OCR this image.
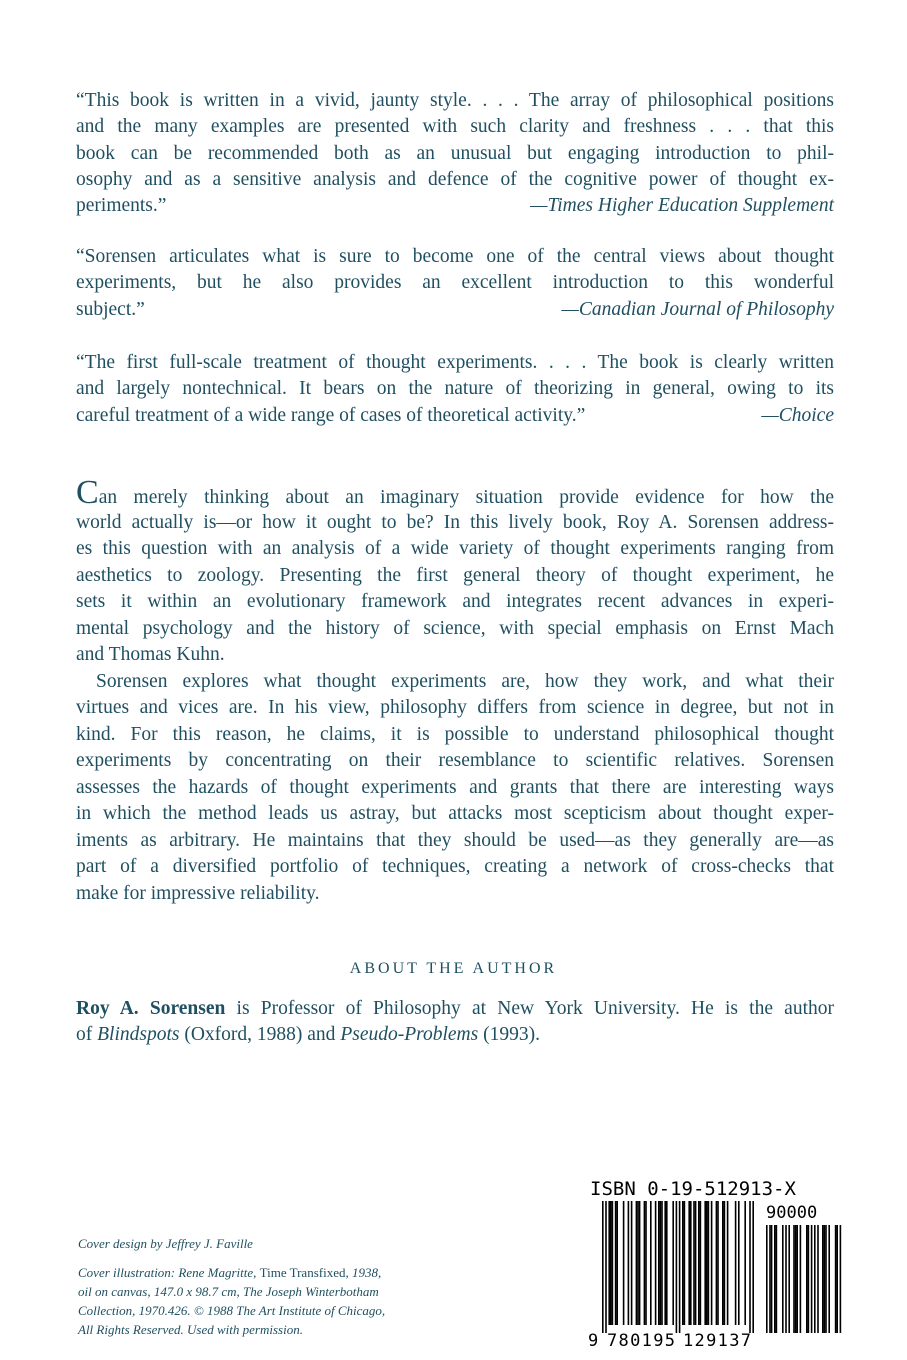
“This book is written in a vivid, jaunty style. . . . The array of philosophical positions
and the many examples are presented with such clarity and freshness . . . that this
book can be recommended both as an unusual but engaging introduction to phil-
osophy and as a sensitive analysis and defence of the cognitive power of thought ex-
periments.”	—Times Higher Education Supplement
“Sorensen articulates what is sure to become one of the central views about thought
experiments, but he also provides an excellent introduction to this wonderful
subject.”	—Canadian Journal of Philosophy
“The first full-scale treatment of thought experiments. . . . The book is clearly written
and largely nontechnical. It bears on the nature of theorizing in general, owing to its
careful treatment of a wide range of cases of theoretical activity.”	—Choice
Can merely thinking about an imaginary situation provide evidence for how the
world actually is—or how it ought to be? In this lively book, Roy A. Sorensen address-
es this question with an analysis of a wide variety of thought experiments ranging from
aesthetics to zoology. Presenting the first general theory of thought experiment, he
sets it within an evolutionary framework and integrates recent advances in experi-
mental psychology and the history of science, with special emphasis on Ernst Mach
and Thomas Kuhn.
Sorensen explores what thought experiments are, how they work, and what their
virtues and vices are. In his view, philosophy differs from science in degree, but not in
kind. For this reason, he claims, it is possible to understand philosophical thought
experiments by concentrating on their resemblance to scientific relatives. Sorensen
assesses the hazards of thought experiments and grants that there are interesting ways
in which the method leads us astray, but attacks most scepticism about thought exper-
iments as arbitrary. He maintains that they should be used—as they generally are—as
part of a diversified portfolio of techniques, creating a network of cross-checks that
make for impressive reliability.
ABOUT THE AUTHOR
Roy A. Sorensen is Professor of Philosophy at New York University. He is the author
of Blindspots (Oxford, 1988) and Pseudo-Problems (1993).
Cover design by Jeffrey J. Faville
Cover illustration: Rene Magritte, Time Transfixed, 1938,
oil on canvas, 147.0 x 98.7 cm, The Joseph Winterbotham
Collection, 1970.426. © 1988 The Art Institute of Chicago,
All Rights Reserved. Used with permission.
ISBN 0-19-512913-X
90000
9 780195 129137
